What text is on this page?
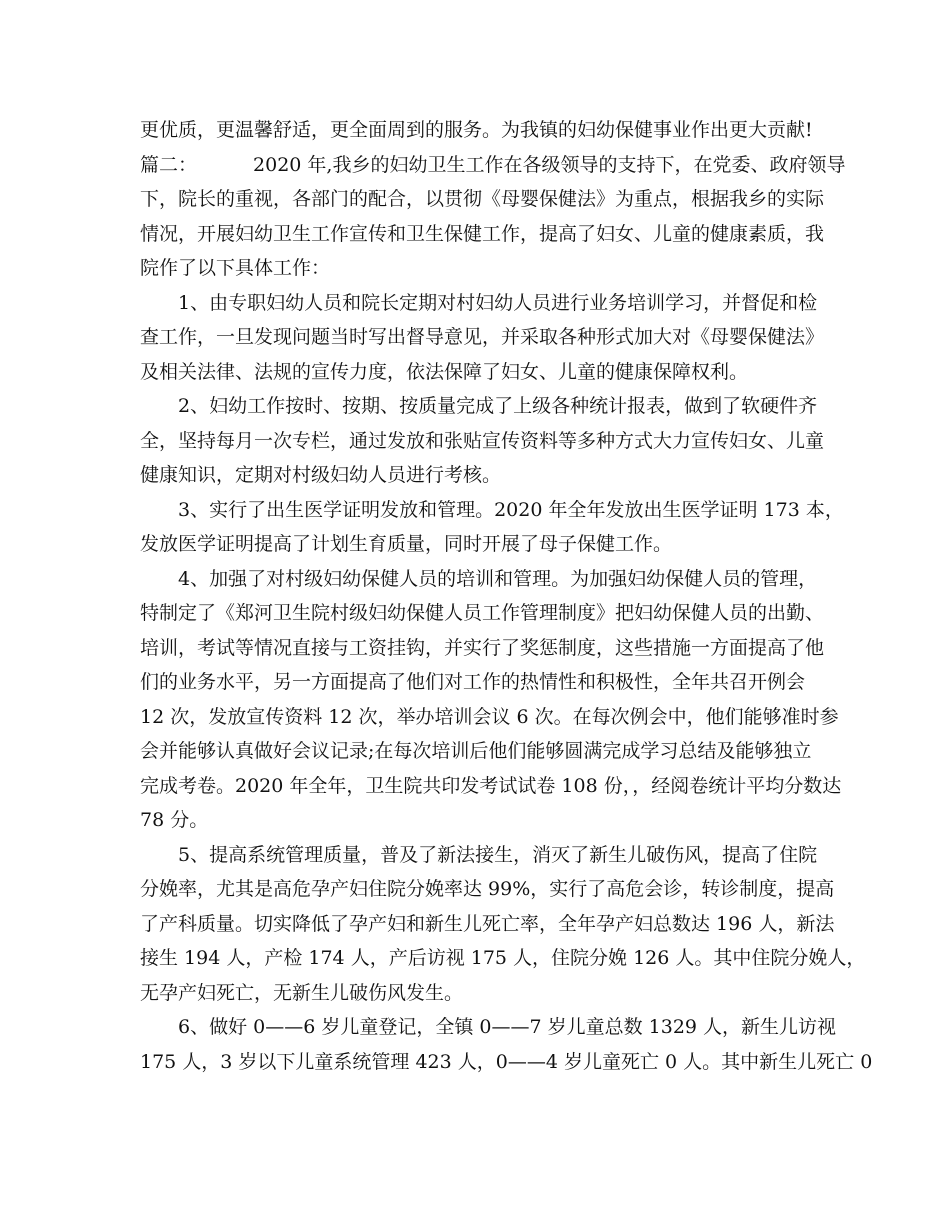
更优质，更温馨舒适，更全面周到的服务。为我镇的妇幼保健事业作出更大贡献!
篇二：	2020 年,我乡的妇幼卫生工作在各级领导的支持下，在党委、政府领导
下，院长的重视，各部门的配合，以贯彻《母婴保健法》为重点，根据我乡的实际
情况，开展妇幼卫生工作宣传和卫生保健工作，提高了妇女、儿童的健康素质，我
院作了以下具体工作：
1、由专职妇幼人员和院长定期对村妇幼人员进行业务培训学习，并督促和检
查工作，一旦发现问题当时写出督导意见，并采取各种形式加大对《母婴保健法》
及相关法律、法规的宣传力度，依法保障了妇女、儿童的健康保障权利。
2、妇幼工作按时、按期、按质量完成了上级各种统计报表，做到了软硬件齐
全，坚持每月一次专栏，通过发放和张贴宣传资料等多种方式大力宣传妇女、儿童
健康知识，定期对村级妇幼人员进行考核。
3、实行了出生医学证明发放和管理。2020 年全年发放出生医学证明 173 本，
发放医学证明提高了计划生育质量，同时开展了母子保健工作。
4、加强了对村级妇幼保健人员的培训和管理。为加强妇幼保健人员的管理，
特制定了《郑河卫生院村级妇幼保健人员工作管理制度》把妇幼保健人员的出勤、
培训，考试等情况直接与工资挂钩，并实行了奖惩制度，这些措施一方面提高了他
们的业务水平，另一方面提高了他们对工作的热情性和积极性，全年共召开例会
12 次，发放宣传资料 12 次，举办培训会议 6 次。在每次例会中，他们能够准时参
会并能够认真做好会议记录;在每次培训后他们能够圆满完成学习总结及能够独立
完成考卷。2020 年全年，卫生院共印发考试试卷 108 份，，经阅卷统计平均分数达
78 分。
5、提高系统管理质量，普及了新法接生，消灭了新生儿破伤风，提高了住院
分娩率，尤其是高危孕产妇住院分娩率达 99%，实行了高危会诊，转诊制度，提高
了产科质量。切实降低了孕产妇和新生儿死亡率，全年孕产妇总数达 196 人，新法
接生 194 人，产检 174 人，产后访视 175 人，住院分娩 126 人。其中住院分娩人，
无孕产妇死亡，无新生儿破伤风发生。
6、做好 0——6 岁儿童登记，全镇 0——7 岁儿童总数 1329 人，新生儿访视
175 人，3 岁以下儿童系统管理 423 人，0——4 岁儿童死亡 0 人。其中新生儿死亡 0
